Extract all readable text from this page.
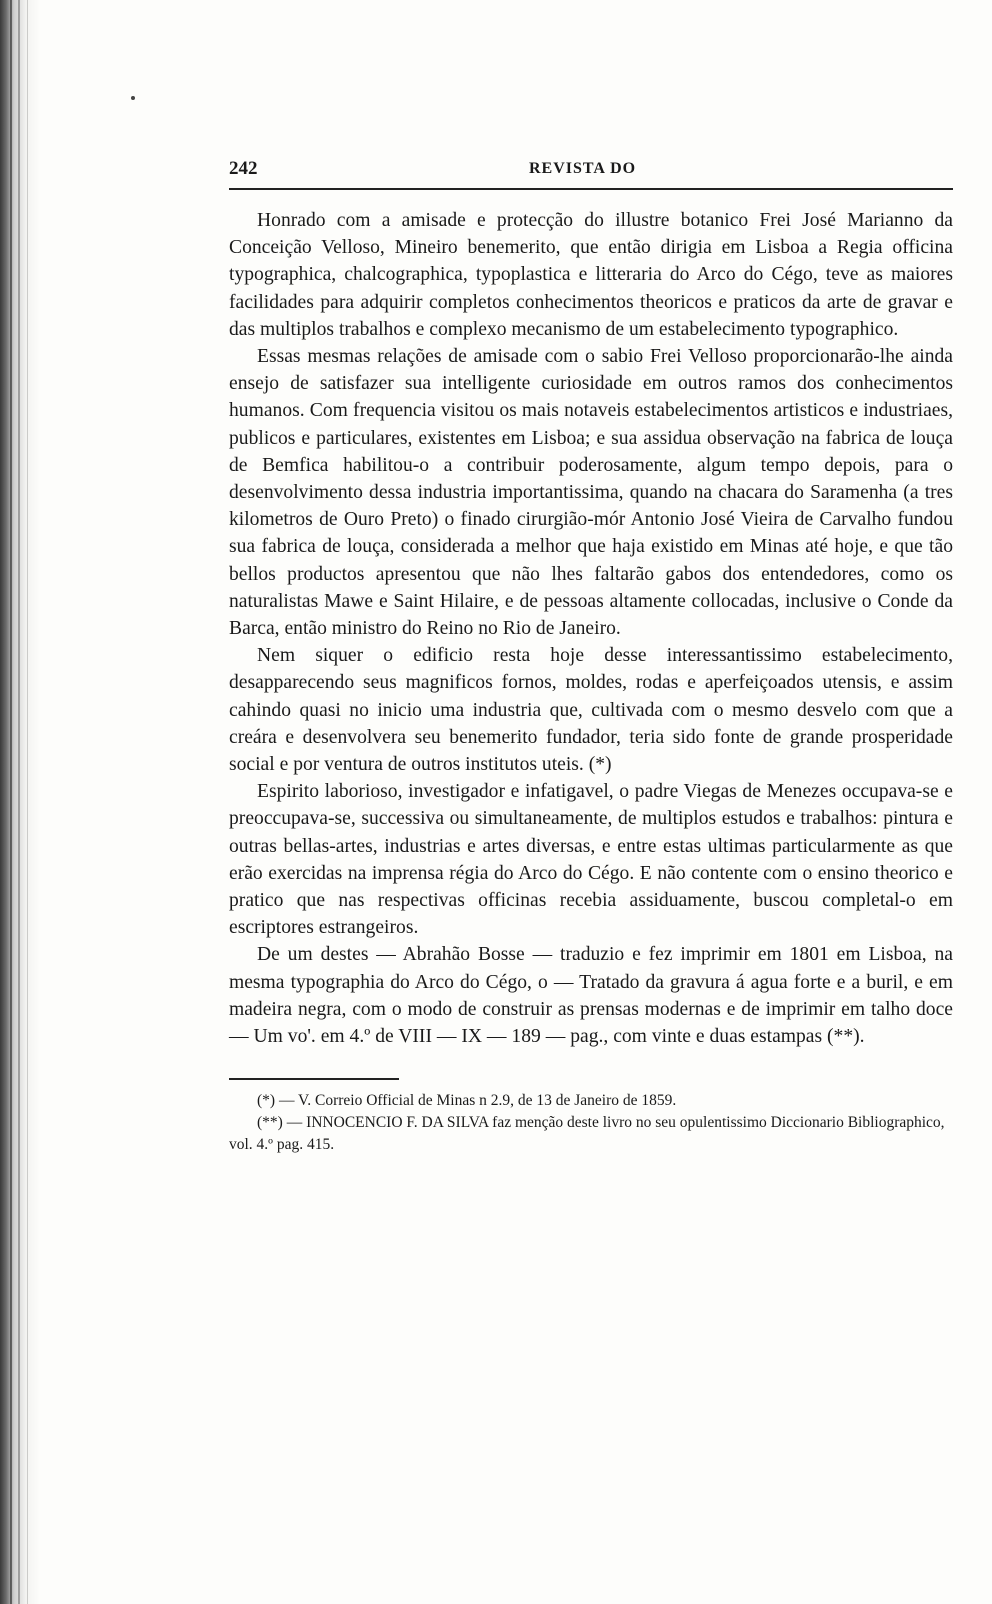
242	REVISTA DO

Honrado com a amisade e protecção do illustre botanico Frei José Marianno da Conceição Velloso, Mineiro benemerito, que então dirigia em Lisboa a Regia officina typographica, chalcographica, typoplastica e litteraria do Arco do Cégo, teve as maiores facilidades para adquirir completos conhecimentos theoricos e praticos da arte de gravar e das multiplos trabalhos e complexo mecanismo de um estabelecimento typographico.

Essas mesmas relações de amisade com o sabio Frei Velloso proporcionarão-lhe ainda ensejo de satisfazer sua intelligente curiosidade em outros ramos dos conhecimentos humanos. Com frequencia visitou os mais notaveis estabelecimentos artisticos e industriaes, publicos e particulares, existentes em Lisboa; e sua assidua observação na fabrica de louça de Bemfica habilitou-o a contribuir poderosamente, algum tempo depois, para o desenvolvimento dessa industria importantissima, quando na chacara do Saramenha (a tres kilometros de Ouro Preto) o finado cirurgião-mór Antonio José Vieira de Carvalho fundou sua fabrica de louça, considerada a melhor que haja existido em Minas até hoje, e que tão bellos productos apresentou que não lhes faltarão gabos dos entendedores, como os naturalistas Mawe e Saint Hilaire, e de pessoas altamente collocadas, inclusive o Conde da Barca, então ministro do Reino no Rio de Janeiro.

Nem siquer o edificio resta hoje desse interessantissimo estabelecimento, desapparecendo seus magnificos fornos, moldes, rodas e aperfeiçoados utensis, e assim cahindo quasi no inicio uma industria que, cultivada com o mesmo desvelo com que a creára e desenvolvera seu benemerito fundador, teria sido fonte de grande prosperidade social e por ventura de outros institutos uteis. (*)

Espirito laborioso, investigador e infatigavel, o padre Viegas de Menezes occupava-se e preoccupava-se, successiva ou simultaneamente, de multiplos estudos e trabalhos: pintura e outras bellas-artes, industrias e artes diversas, e entre estas ultimas particularmente as que erão exercidas na imprensa régia do Arco do Cégo. E não contente com o ensino theorico e pratico que nas respectivas officinas recebia assiduamente, buscou completal-o em escriptores estrangeiros.

De um destes — Abrahão Bosse — traduzio e fez imprimir em 1801 em Lisboa, na mesma typographia do Arco do Cégo, o — Tratado da gravura á agua forte e a buril, e em madeira negra, com o modo de construir as prensas modernas e de imprimir em talho doce — Um vo'. em 4.º de VIII — IX — 189 — pag., com vinte e duas estampas (**).

(*) — V. Correio Official de Minas n 2.9, de 13 de Janeiro de 1859.

(**) — INNOCENCIO F. DA SILVA faz menção deste livro no seu opulentissimo Diccionario Bibliographico, vol. 4.º pag. 415.
